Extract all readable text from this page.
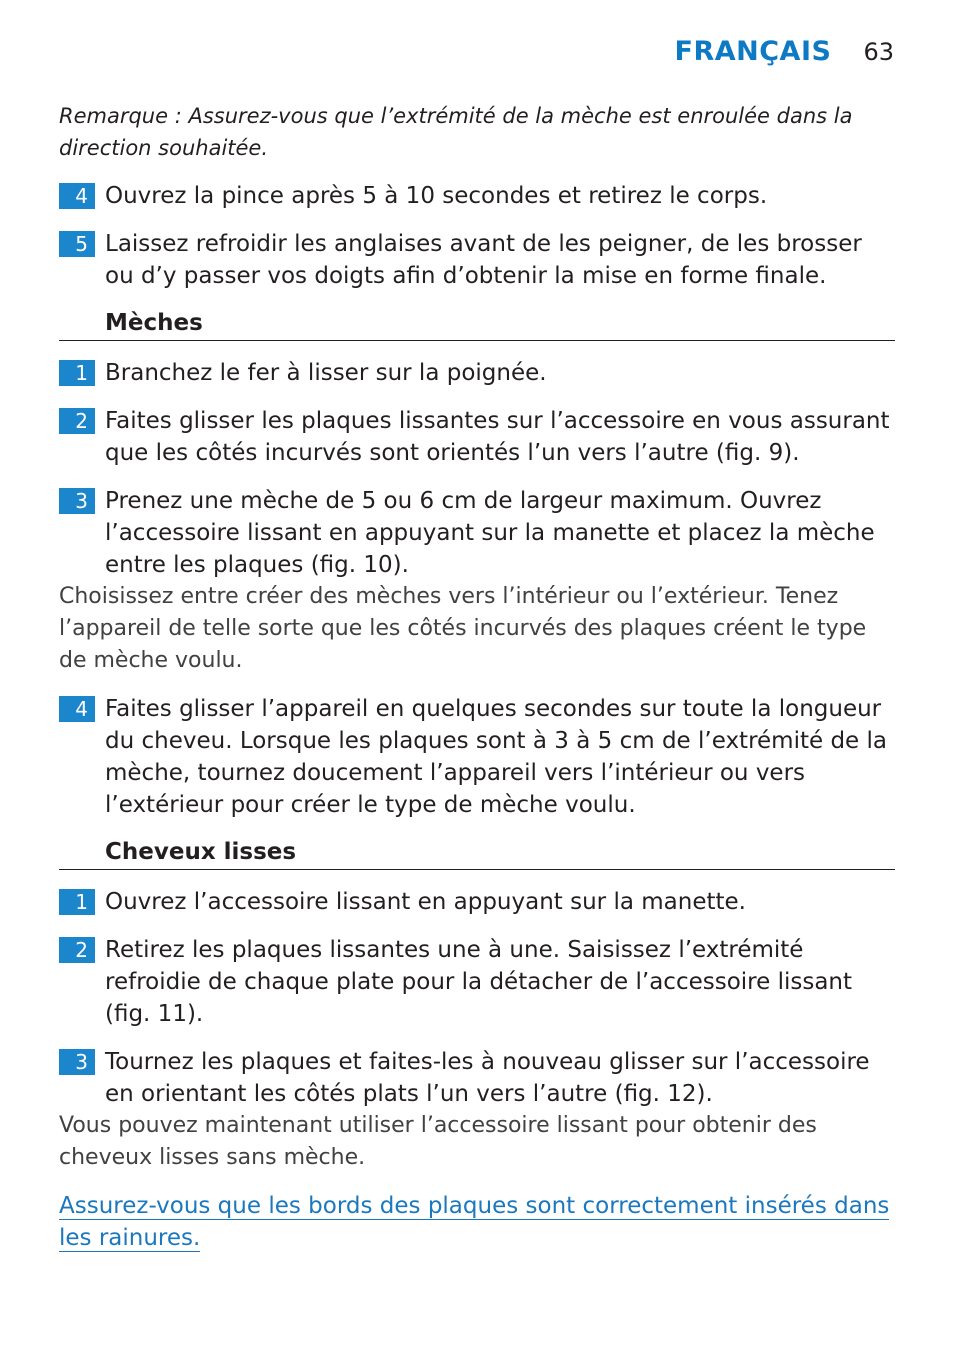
FRANÇAIS 63

Remarque : Assurez-vous que l’extrémité de la mèche est enroulée dans la direction souhaitée.

4 Ouvrez la pince après 5 à 10 secondes et retirez le corps.
5 Laissez refroidir les anglaises avant de les peigner, de les brosser ou d’y passer vos doigts afin d’obtenir la mise en forme finale.
Mèches
1 Branchez le fer à lisser sur la poignée.
2 Faites glisser les plaques lissantes sur l’accessoire en vous assurant que les côtés incurvés sont orientés l’un vers l’autre (fig. 9).
3 Prenez une mèche de 5 ou 6 cm de largeur maximum. Ouvrez l’accessoire lissant en appuyant sur la manette et placez la mèche entre les plaques (fig. 10).

Choisissez entre créer des mèches vers l’intérieur ou l’extérieur. Tenez l’appareil de telle sorte que les côtés incurvés des plaques créent le type de mèche voulu.

4 Faites glisser l’appareil en quelques secondes sur toute la longueur du cheveu. Lorsque les plaques sont à 3 à 5 cm de l’extrémité de la mèche, tournez doucement l’appareil vers l’intérieur ou vers l’extérieur pour créer le type de mèche voulu.
Cheveux lisses
1 Ouvrez l’accessoire lissant en appuyant sur la manette.
2 Retirez les plaques lissantes une à une. Saisissez l’extrémité refroidie de chaque plate pour la détacher de l’accessoire lissant (fig. 11).
3 Tournez les plaques et faites-les à nouveau glisser sur l’accessoire en orientant les côtés plats l’un vers l’autre (fig. 12).

Vous pouvez maintenant utiliser l’accessoire lissant pour obtenir des cheveux lisses sans mèche.

Assurez-vous que les bords des plaques sont correctement insérés dans les rainures.
